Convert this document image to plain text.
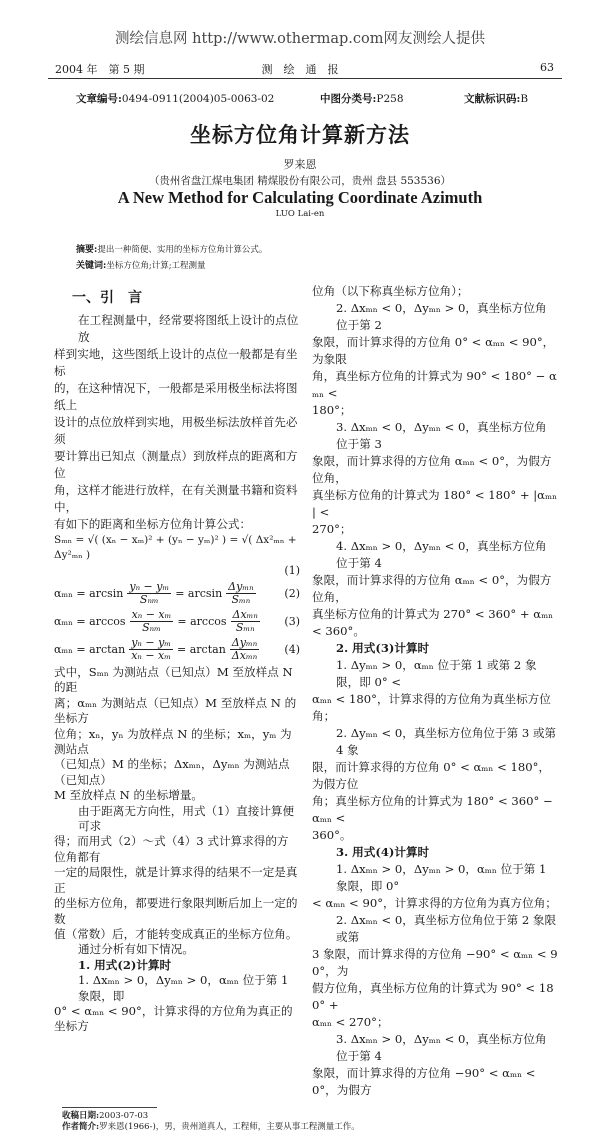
测绘信息网 http://www.othermap.com网友测绘人提供
2004 年　第 5 期	测　绘　通　报	63
文章编号:0494-0911(2004)05-0063-02	中图分类号:P258	文献标识码:B
坐标方位角计算新方法
罗来恩
（贵州省盘江煤电集团 精煤股份有限公司，贵州 盘县 553536）
A New Method for Calculating Coordinate Azimuth
LUO Lai-en
摘要:提出一种简便、实用的坐标方位角计算公式。
关键词:坐标方位角;计算;工程测量
一、引　言
在工程测量中，经常要将图纸上设计的点位放
样到实地，这些图纸上设计的点位一般都是有坐标
的，在这种情况下，一般都是采用极坐标法将图纸上
设计的点位放样到实地，用极坐标法放样首先必须
要计算出已知点（测量点）到放样点的距离和方位
角，这样才能进行放样，在有关测量书籍和资料中，
有如下的距离和坐标方位角计算公式：
Sₘₙ = √( (xₙ − xₘ)² + (yₙ − yₘ)² ) = √( Δx²ₘₙ + Δy²ₘₙ )
(1)
αₘₙ = arcsin
yₙ − yₘ
Sₙₘ = arcsin
Δyₘₙ
Sₘₙ	(2)
αₘₙ = arccos
xₙ − xₘ
Sₙₘ = arccos
Δxₘₙ
Sₘₙ	(3)
$\alpha_{mn} = \arctan \frac{\text{yₙ − yₘ}}{\text{xₙ − xₘ}} = \arctan$
Δyₘₙ
Δxₘₙ	(4)
式中，Sₘₙ 为测站点（已知点）M 至放样点 N 的距
离；αₘₙ 为测站点（已知点）M 至放样点 N 的坐标方
位角；xₙ，yₙ 为放样点 N 的坐标；xₘ，yₘ 为测站点
（已知点）M 的坐标；Δxₘₙ，Δyₘₙ 为测站点（已知点）
M 至放样点 N 的坐标增量。
由于距离无方向性，用式（1）直接计算便可求
得；而用式（2）～式（4）3 式计算求得的方位角都有
一定的局限性，就是计算求得的结果不一定是真正
的坐标方位角，都要进行象限判断后加上一定的数
值（常数）后，才能转变成真正的坐标方位角。
通过分析有如下情况。
1. 用式(2)计算时
1. Δxₘₙ > 0，Δyₘₙ > 0，αₘₙ 位于第 1 象限，即
0° < αₘₙ < 90°，计算求得的方位角为真正的坐标方
位角（以下称真坐标方位角）；
2. Δxₘₙ < 0，Δyₘₙ > 0，真坐标方位角位于第 2
象限，而计算求得的方位角 0° < αₘₙ < 90°，为象限
角，真坐标方位角的计算式为 90° < 180° − αₘₙ <
180°；
3. Δxₘₙ < 0，Δyₘₙ < 0，真坐标方位角位于第 3
象限，而计算求得的方位角 αₘₙ < 0°，为假方位角，
真坐标方位角的计算式为 180° < 180° + |αₘₙ| <
270°；
4. Δxₘₙ > 0，Δyₘₙ < 0，真坐标方位角位于第 4
象限，而计算求得的方位角 αₘₙ < 0°，为假方位角，
真坐标方位角的计算式为 270° < 360° + αₘₙ < 360°。
2. 用式(3)计算时
1. Δyₘₙ > 0，αₘₙ 位于第 1 或第 2 象限，即 0° <
αₘₙ < 180°，计算求得的方位角为真坐标方位角；
2. Δyₘₙ < 0，真坐标方位角位于第 3 或第 4 象
限，而计算求得的方位角 0° < αₘₙ < 180°，为假方位
角；真坐标方位角的计算式为 180° < 360° − αₘₙ <
360°。
3. 用式(4)计算时
1. Δxₘₙ > 0，Δyₘₙ > 0，αₘₙ 位于第 1 象限，即 0°
< αₘₙ < 90°，计算求得的方位角为真方位角；
2. Δxₘₙ < 0，真坐标方位角位于第 2 象限或第
3 象限，而计算求得的方位角 −90° < αₘₙ < 90°，为
假方位角，真坐标方位角的计算式为 90° < 180° +
αₘₙ < 270°；
3. Δxₘₙ > 0，Δyₘₙ < 0，真坐标方位角位于第 4
象限，而计算求得的方位角 −90° < αₘₙ < 0°，为假方
收稿日期:2003-07-03
作者简介:罗来恩(1966-)，男，贵州道真人，工程师，主要从事工程测量工作。
